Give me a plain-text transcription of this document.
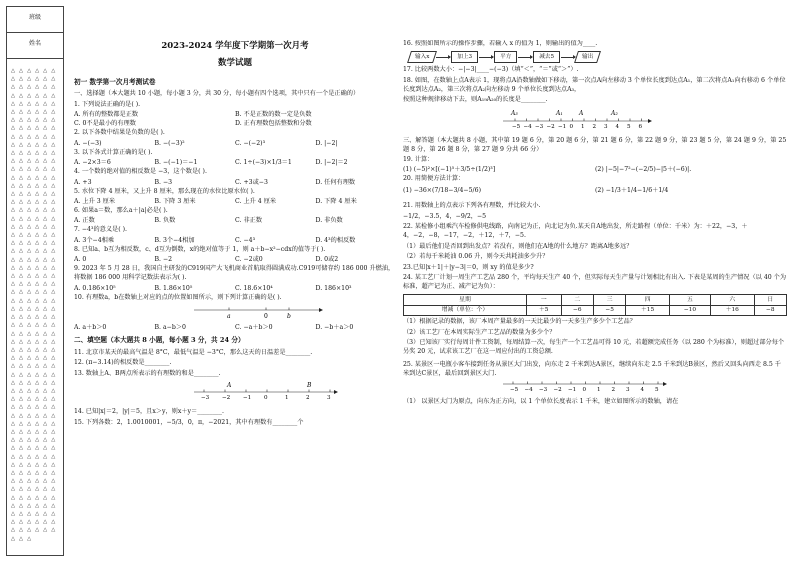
班级
姓名
△ △ △ △ △ △ △ △ △ △ △ △ △ △ △ △ △ △ △ △ △ △ △ △ △ △ △ △ △ △ △ △ △ △ △ △ △ △ △ △ △ △ △ △ △ △ △ △ △ △ △ △ △ △ △ △ △ △ △ △ △ △ △ △ △ △ △ △ △ △ △ △ △ △ △ △ △ △ △ △ △ △ △ △ △ △ △ △ △ △ △ △ △ △ △ △ △ △ △ △ △ △ △ △ △ △ △ △ △ △ △ △ △ △ △ △ △ △ △ △ △ △ △ △ △ △ △ △ △ △ △ △ △ △ △ △ △ △ △ △ △ △ △ △ △ △ △ △ △ △ △ △ △ △ △ △ △ △ △ △ △ △ △ △ △ △ △ △ △ △ △ △ △ △ △ △ △ △ △ △ △ △ △ △ △ △ △ △ △ △ △ △ △ △ △ △ △ △ △ △ △ △ △ △ △ △ △ △ △ △ △ △ △ △ △ △ △ △ △ △ △ △ △ △ △ △ △ △ △ △ △ △ △ △ △ △ △ △ △ △ △ △ △ △ △ △ △ △ △ △ △ △ △ △ △ △ △ △ △ △ △ △ △ △ △ △ △ △ △ △ △ △ △ △ △ △ △ △ △ △ △ △ △ △ △ △ △ △ △ △ △ △ △ △ △ △ △ △ △ △ △ △ △ △ △ △ △ △ △ △ △ △ △ △ △ △ △ △ △ △ △ △ △ △ △ △ △ △ △ △ △ △ △ △ △ △ △ △ △ △ △ △ △ △ △
2023-2024 学年度下学期第一次月考
数学试题
初一 数学第一次月考测试卷

一、选择题（本大题共 10 小题，每小题 3 分，共 30 分，每小题有四个选项，其中只有一个是正确的）

1. 下列说法正确的是( ).

A. 所有的整数都是正数	B. 不是正数的数一定是负数
C. 0不是最小的有理数	D. 正有理数包括整数和分数

2. 以下各数中结果是负数的是( ).

A. −(−3)	B. −(−3)²	C. −(−2)³	D. |−2|

3. 以下各式计算正确的是( ).

A. −2×3＝6	B. −(−1)＝−1	C. 1÷(−3)×1/3＝1	D. |−2|＝2

4. 一个数的绝对值的相反数是 −3，这个数是( ).

A. +3	B. −3	C. +3或−3	D. 任何有理数

5. 水位下降 4 厘米，又上升 8 厘米，那么现在的水位比原水位( ).

A. 上升 3 厘米	B. 下降 3 厘米	C. 上升 4 厘米	D. 下降 4 厘米

6. 如果a＝数，那么a＋|a|必是( ).

A. 正数	B. 负数	C. 非正数	D. 非负数

7. −4³的意义是( ).

A. 3个−4相乘	B. 3个−4相加	C. −4³	D. 4³的相反数

8. 已知a、b互为相反数，c、d互为倒数，x的绝对值等于 1，则 a＋b−x²−cdx的值等于( ).

A. 0	B. −2	C. −2或0	D. 0或2

9. 2023 年 5 月 28 日，我国自主研发的C919国产大飞机商业首航取得圆满成功.C919可储存约 186 000 升燃油，将数据 186 000 用科学记数法表示为( ).

A. 0.186×10⁵	B. 1.86×10⁵	C. 18.6×10⁴	D. 186×10³

10. 有理数a，b在数轴上对应的点的位置如图所示，则下列计算正确的是( ).

a	0	b
A. a＋b＞0	B. a−b＞0	C. −a＋b＞0	D. −b＋a＞0
二、填空题（本大题共 8 小题，每小题 3 分，共 24 分）

11. 北京市某天的最高气温是 8°C，最低气温是 −3°C，那么这天的日温差是________.

12. (π−3.14)的相反数是________.

13. 数轴上A、B两点所表示的有理数的和是________.

A	B
−3 −2 −1 0	1	2	3

14. 已知|x|＝2，|y|＝5，且x＞y，则x＋y＝________.

15. 下列各数：2，1.0010001，−5/3，0，π，−2021，其中有理数有________个

16. 按照如图所示的操作步骤，若输入 x 的值为 1，则输出的值为____.

输入x	加上3	平方	减去5	输出

17. 比较两数大小：−|−3|____−(−3)（填“＜”，“＝”或“＞”）.

18. 如图，在数轴上点A表示 1，现将点A沿数轴做如下移动，第一次点A向左移动 3 个单位长度到达点A₁，第二次将点A₁向右移动 6 个单位长度到达点A₂，第三次将点A₂向左移动 9 个单位长度到达点A₃，

按照这种规律移动下去，则A₁₉A₂₀的长度是________.

A₃	A₁	A	A₂
−5 −4 −3 −2 −1 0 1 2 3 4 5 6

三、解答题（本大题共 8 小题，其中第 19 题 6 分，第 20 题 6 分，第 21 题 6 分，第 22 题 9 分，第 23 题 5 分，第 24 题 9 分，第 25 题 8 分，第 26 题 8 分，第 27 题 9 分共 66 分）

19. 计算：

(1) (−5)²×[(−1)⁵＋3/5÷(1/2)³]	(2) |−5|−7²−(−2/5)−|5＋(−6)|.

20. 用简便方法计算：

(1) −36×(7/18−3/4−5/6)	(2) −1/3＋1/4−1/6＋1/4

21. 用数轴上的点表示下列各有理数，并比较大小.

−1/2，−3.5，4，−9/2，−5

22. 某检修小组乘汽车检修供电线路，向南记为正，向北记为负.某天自A地出发，所走路程（单位：千米）为：＋22，−3，＋4，−2，−8，−17，−2，＋12，＋7，−5.

（1）最后他们是否回到出发点？若没有，则他们在A地的什么地方？距离A地多远？

（2）若每千米耗油 0.06 升，则今天共耗油多少升？

23.已知|x＋1|＋|y−3|＝0，则 xy 的值是多少?

24. 某工艺厂计划一周生产工艺品 280 个，平均每天生产 40 个，但实际每天生产量与计划相比有出入. 下表是某周的生产情况（以 40 个为标准，超产记为正、减产记为负）：

星期	一	二	三	四	五	六	日
增减（单位：个）	＋5	−6	−5	＋15	−10	＋16	−8

（1）根据记录的数据，该厂本周产量最多的一天比最少的一天多生产多少个工艺品？

（2）该工艺厂在本周实际生产工艺品的数量为多少个？

（3）已知该厂实行每周计件工资制，每周结算一次，每生产一个工艺品可得 10 元，若超额完成任务（以 280 个为标准），则超过部分每个另奖 20 元，试求该工艺厂在这一周应付出的工资总额.

25. 某景区一电瓶小客车接到任务从景区大门出发，向东走 2 千米到达A景区，继续向东走 2.5 千米到达B景区，然后又回头向西走 8.5 千米到达C景区，最后回到景区大门.

−5 −4 −3 −2 −1 0 1 2 3 4 5

（1） 以景区大门为原点，向东为正方向，以 1 个单位长度表示 1 千米，建立如图所示的数轴，请在
